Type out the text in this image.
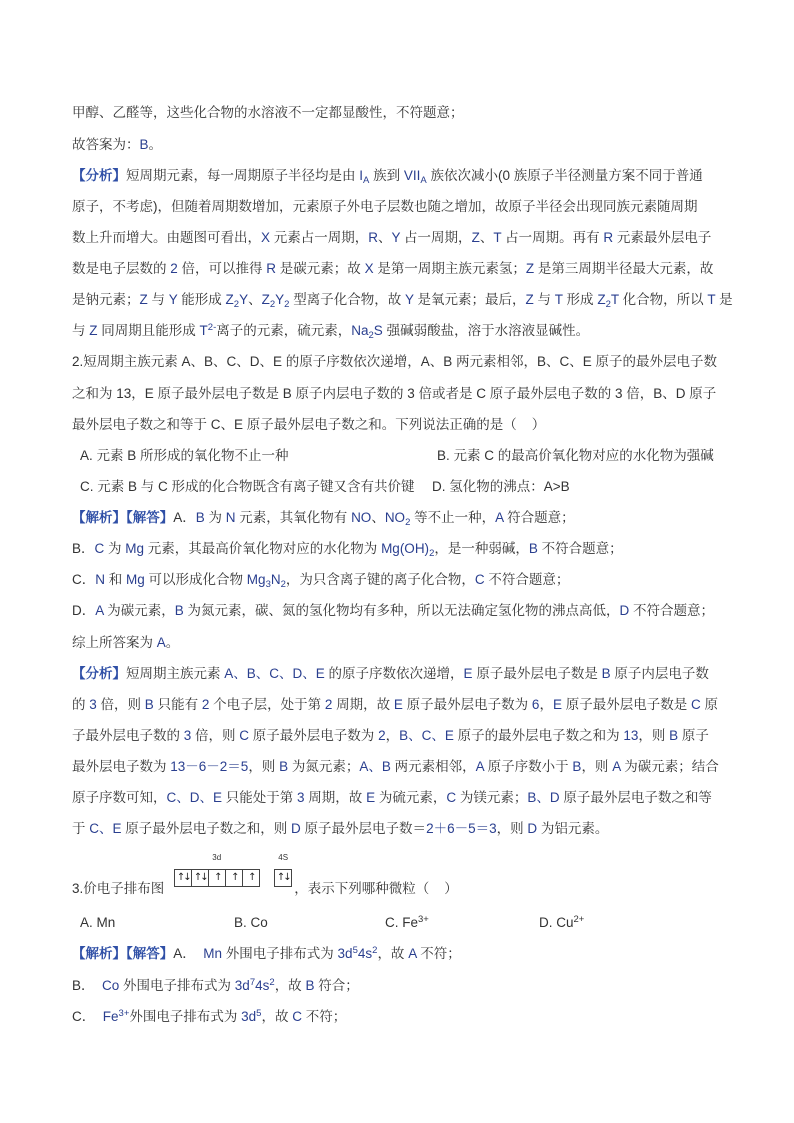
甲醇、乙醛等，这些化合物的水溶液不一定都显酸性，不符题意；
故答案为：B。
【分析】短周期元素，每一周期原子半径均是由 $I_A$ 族到 $VII_A$ 族依次减小(0 族原子半径测量方案不同于普通
原子，不考虑)，但随着周期数增加，元素原子外电子层数也随之增加，故原子半径会出现同族元素随周期
数上升而增大。由题图可看出，X 元素占一周期，R、Y 占一周期，Z、T 占一周期。再有 R 元素最外层电子
数是电子层数的 2 倍，可以推得 R 是碳元素；故 X 是第一周期主族元素氢；Z 是第三周期半径最大元素，故
是钠元素；Z 与 Y 能形成 $Z_2Y$、$Z_2Y_2$ 型离子化合物，故 Y 是氧元素；最后，Z 与 T 形成 $Z_2T$ 化合物，所以 T 是
与 Z 同周期且能形成 $T^{2-}$离子的元素，硫元素，$Na_2S$ 强碱弱酸盐，溶于水溶液显碱性。
2.短周期主族元素 A、B、C、D、E 的原子序数依次递增，A、B 两元素相邻，B、C、E 原子的最外层电子数
之和为 13，E 原子最外层电子数是 B 原子内层电子数的 3 倍或者是 C 原子最外层电子数的 3 倍，B、D 原子
最外层电子数之和等于 C、E 原子最外层电子数之和。下列说法正确的是（    ）
A. 元素 B 所形成的氧化物不止一种	B. 元素 C 的最高价氧化物对应的水化物为强碱
C. 元素 B 与 C 形成的化合物既含有离子键又含有共价键 D. 氢化物的沸点：A>B
【解析】【解答】A．B 为 N 元素，其氧化物有 NO、$NO_2$ 等不止一种，A 符合题意；
B．C 为 Mg 元素，其最高价氧化物对应的水化物为 $Mg(OH)_2$，是一种弱碱，B 不符合题意；
C．N 和 Mg 可以形成化合物 $Mg_3N_2$，为只含离子键的离子化合物，C 不符合题意；
D．A 为碳元素，B 为氮元素，碳、氮的氢化物均有多种，所以无法确定氢化物的沸点高低，D 不符合题意；
综上所答案为 A。
【分析】短周期主族元素 A、B、C、D、E 的原子序数依次递增，E 原子最外层电子数是 B 原子内层电子数
的 3 倍，则 B 只能有 2 个电子层，处于第 2 周期，故 E 原子最外层电子数为 6，E 原子最外层电子数是 C 原
子最外层电子数的 3 倍，则 C 原子最外层电子数为 2，B、C、E 原子的最外层电子数之和为 13，则 B 原子
最外层电子数为 13－6－2＝5，则 B 为氮元素；A、B 两元素相邻，A 原子序数小于 B，则 A 为碳元素；结合
原子序数可知，C、D、E 只能处于第 3 周期，故 E 为硫元素，C 为镁元素；B、D 原子最外层电子数之和等
于 C、E 原子最外层电子数之和，则 D 原子最外层电子数＝2＋6－5＝3，则 D 为铝元素。
3.价电子排布图
3d	4S
↑↓ ↑↓ ↑	↑	↑	↑↓
，表示下列哪种微粒（    ）
A. Mn	B. Co	C. $Fe^{3+}$	D. $Cu^{2+}$
【解析】【解答】A．  Mn 外围电子排布式为 $3d^54s^2$，故 A 不符；
B．  Co 外围电子排布式为 $3d^74s^2$，故 B 符合；
C．  $Fe^{3+}$外围电子排布式为 $3d^5$，故 C 不符；
